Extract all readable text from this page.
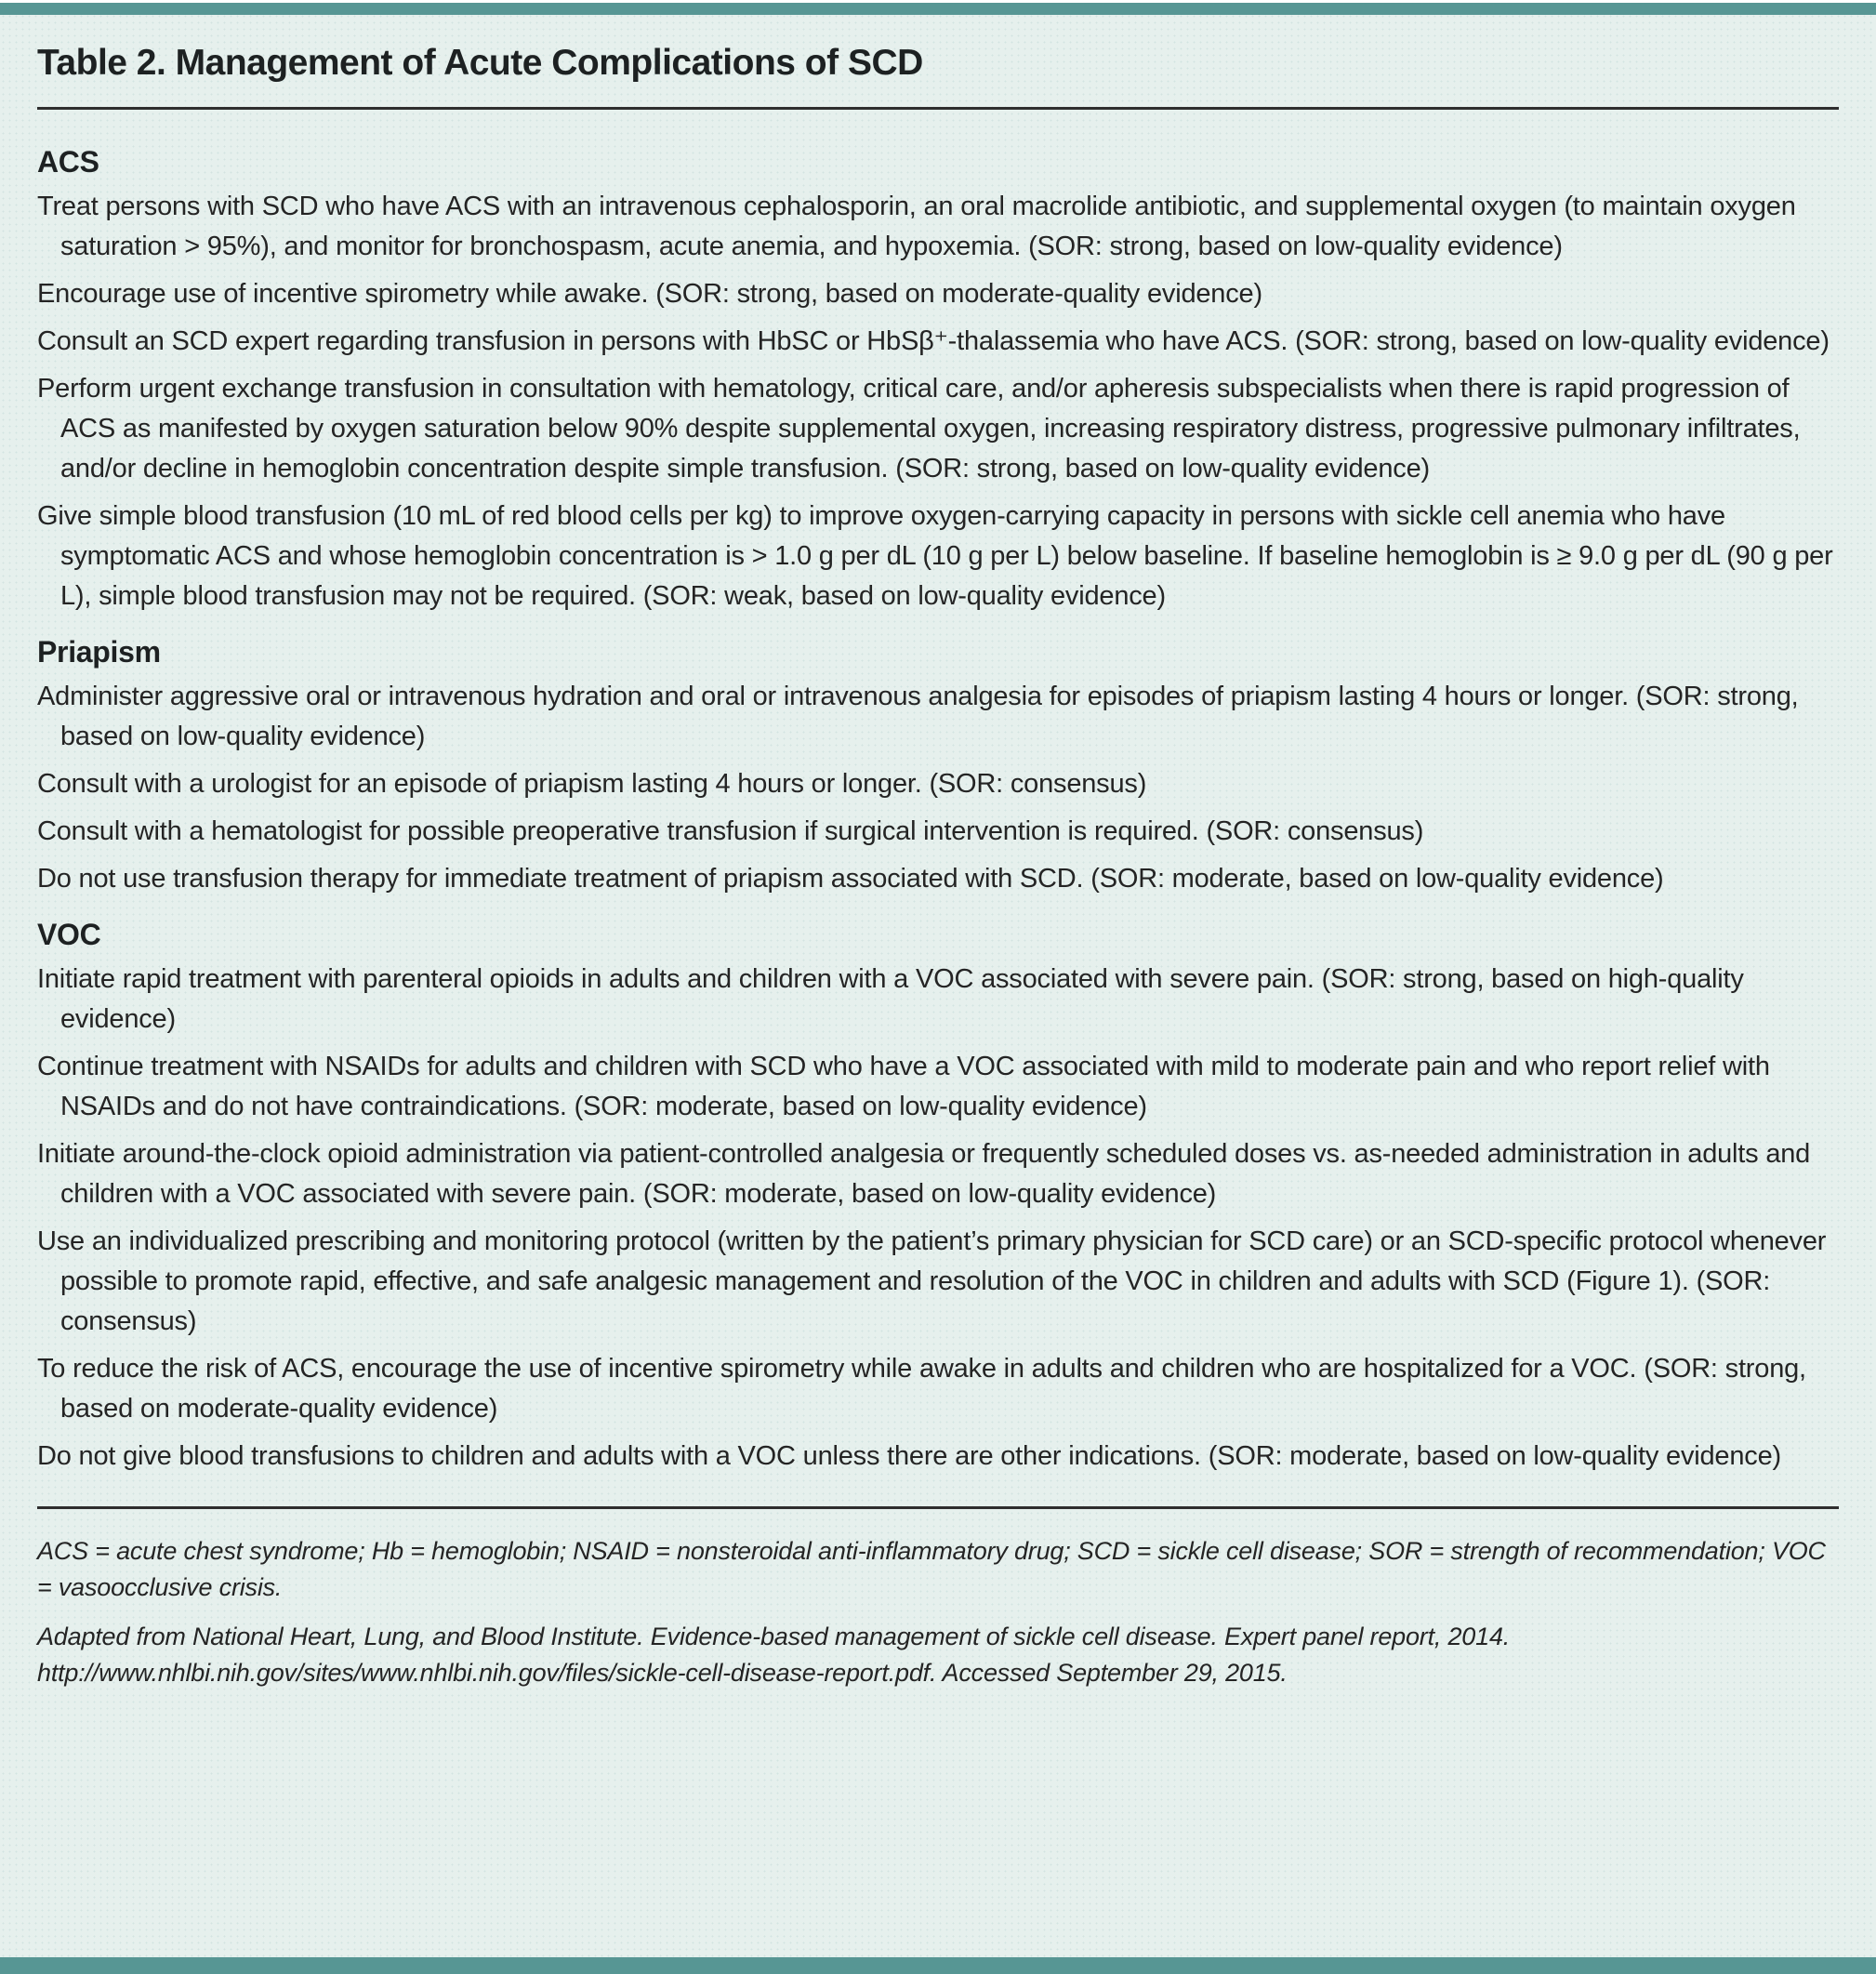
Table 2. Management of Acute Complications of SCD
ACS

Treat persons with SCD who have ACS with an intravenous cephalosporin, an oral macrolide antibiotic, and supplemental oxygen (to maintain oxygen saturation > 95%), and monitor for bronchospasm, acute anemia, and hypoxemia. (SOR: strong, based on low-quality evidence)

Encourage use of incentive spirometry while awake. (SOR: strong, based on moderate-quality evidence)

Consult an SCD expert regarding transfusion in persons with HbSC or HbSβ⁺-thalassemia who have ACS. (SOR: strong, based on low-quality evidence)

Perform urgent exchange transfusion in consultation with hematology, critical care, and/or apheresis subspecialists when there is rapid progression of ACS as manifested by oxygen saturation below 90% despite supplemental oxygen, increasing respiratory distress, progressive pulmonary infiltrates, and/or decline in hemoglobin concentration despite simple transfusion. (SOR: strong, based on low-quality evidence)

Give simple blood transfusion (10 mL of red blood cells per kg) to improve oxygen-carrying capacity in persons with sickle cell anemia who have symptomatic ACS and whose hemoglobin concentration is > 1.0 g per dL (10 g per L) below baseline. If baseline hemoglobin is ≥ 9.0 g per dL (90 g per L), simple blood transfusion may not be required. (SOR: weak, based on low-quality evidence)

Priapism

Administer aggressive oral or intravenous hydration and oral or intravenous analgesia for episodes of priapism lasting 4 hours or longer. (SOR: strong, based on low-quality evidence)

Consult with a urologist for an episode of priapism lasting 4 hours or longer. (SOR: consensus)

Consult with a hematologist for possible preoperative transfusion if surgical intervention is required. (SOR: consensus)

Do not use transfusion therapy for immediate treatment of priapism associated with SCD. (SOR: moderate, based on low-quality evidence)

VOC

Initiate rapid treatment with parenteral opioids in adults and children with a VOC associated with severe pain. (SOR: strong, based on high-quality evidence)

Continue treatment with NSAIDs for adults and children with SCD who have a VOC associated with mild to moderate pain and who report relief with NSAIDs and do not have contraindications. (SOR: moderate, based on low-quality evidence)

Initiate around-the-clock opioid administration via patient-controlled analgesia or frequently scheduled doses vs. as-needed administration in adults and children with a VOC associated with severe pain. (SOR: moderate, based on low-quality evidence)

Use an individualized prescribing and monitoring protocol (written by the patient’s primary physician for SCD care) or an SCD-specific protocol whenever possible to promote rapid, effective, and safe analgesic management and resolution of the VOC in children and adults with SCD (Figure 1). (SOR: consensus)

To reduce the risk of ACS, encourage the use of incentive spirometry while awake in adults and children who are hospitalized for a VOC. (SOR: strong, based on moderate-quality evidence)

Do not give blood transfusions to children and adults with a VOC unless there are other indications. (SOR: moderate, based on low-quality evidence)

ACS = acute chest syndrome; Hb = hemoglobin; NSAID = nonsteroidal anti-inflammatory drug; SCD = sickle cell disease; SOR = strength of recommendation; VOC = vasoocclusive crisis.

Adapted from National Heart, Lung, and Blood Institute. Evidence-based management of sickle cell disease. Expert panel report, 2014. http://www.nhlbi.nih.gov/sites/www.nhlbi.nih.gov/files/sickle-cell-disease-report.pdf. Accessed September 29, 2015.
